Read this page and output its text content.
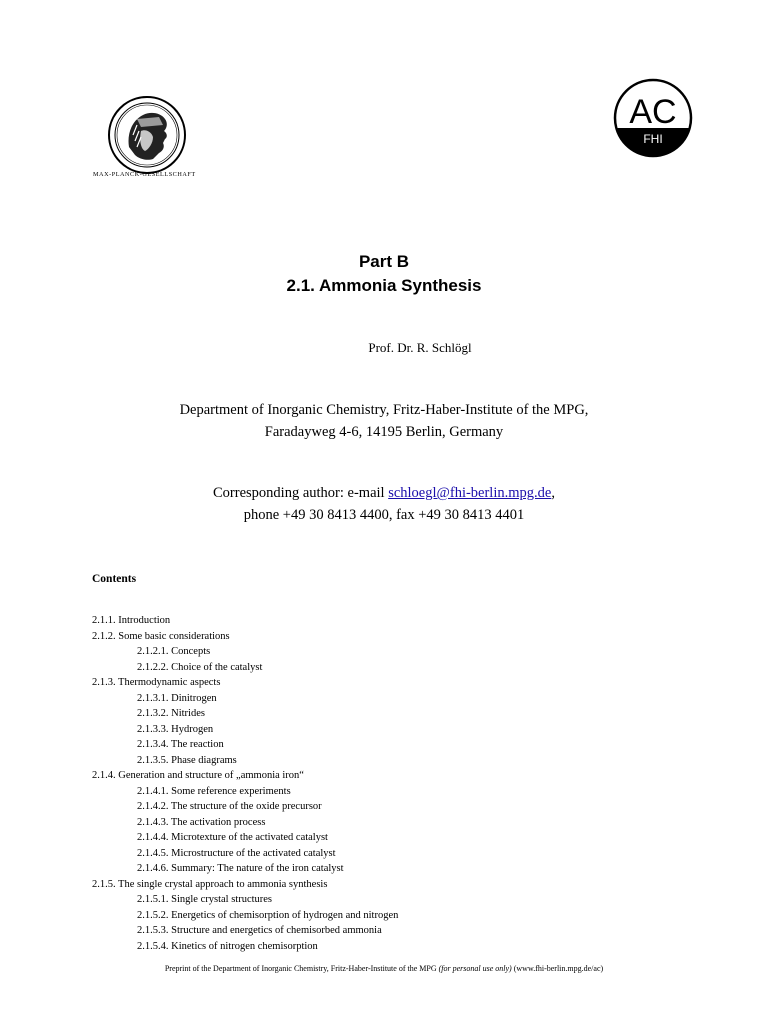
MAX-PLANCK-GESELLSCHAFT
AC
FHI
Part B
2.1. Ammonia Synthesis
Prof. Dr. R. Schlögl
Department of Inorganic Chemistry, Fritz-Haber-Institute of the MPG,
Faradayweg 4-6, 14195 Berlin, Germany
Corresponding author: e-mail schloegl@fhi-berlin.mpg.de,
phone +49 30 8413 4400, fax +49 30 8413 4401
Contents
2.1.1. Introduction
2.1.2. Some basic considerations
2.1.2.1. Concepts
2.1.2.2. Choice of the catalyst
2.1.3. Thermodynamic aspects
2.1.3.1. Dinitrogen
2.1.3.2. Nitrides
2.1.3.3. Hydrogen
2.1.3.4. The reaction
2.1.3.5. Phase diagrams
2.1.4. Generation and structure of „ammonia iron“
2.1.4.1. Some reference experiments
2.1.4.2. The structure of the oxide precursor
2.1.4.3. The activation process
2.1.4.4. Microtexture of the activated catalyst
2.1.4.5. Microstructure of the activated catalyst
2.1.4.6. Summary: The nature of the iron catalyst
2.1.5. The single crystal approach to ammonia synthesis
2.1.5.1. Single crystal structures
2.1.5.2. Energetics of chemisorption of hydrogen and nitrogen
2.1.5.3. Structure and energetics of chemisorbed ammonia
2.1.5.4. Kinetics of nitrogen chemisorption
Preprint of the Department of Inorganic Chemistry, Fritz-Haber-Institute of the MPG (for personal use only) (www.fhi-berlin.mpg.de/ac)
